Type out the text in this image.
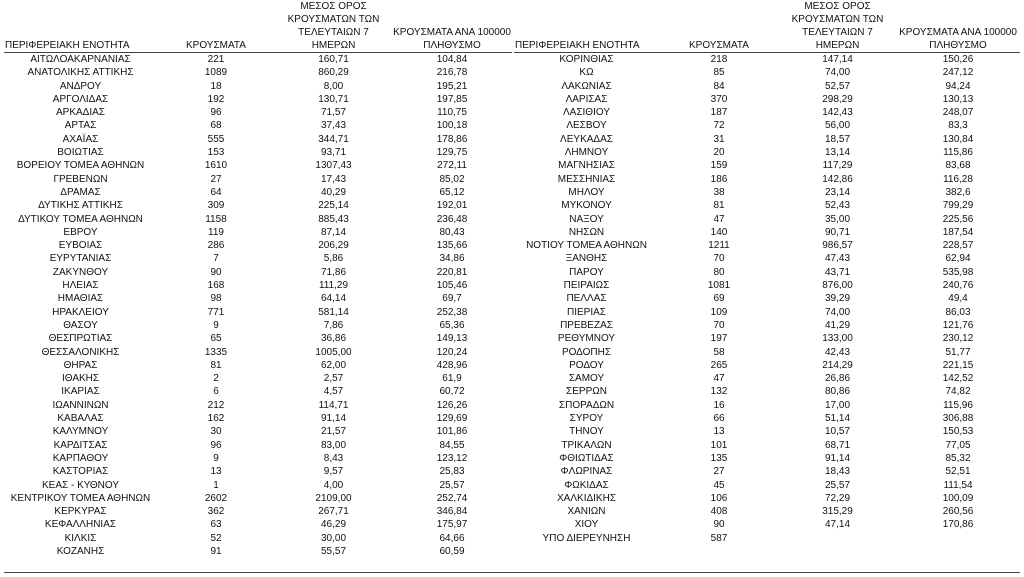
ΠΕΡΙΦΕΡΕΙΑΚΗ ΕΝΟΤΗΤΑ	ΚΡΟΥΣΜΑΤΑ	ΜΕΣΟΣ ΟΡΟΣ ΚΡΟΥΣΜΑΤΩΝ ΤΩΝ ΤΕΛΕΥΤΑΙΩΝ 7 ΗΜΕΡΩΝ	ΚΡΟΥΣΜΑΤΑ ΑΝΑ 100000 ΠΛΗΘΥΣΜΟ
ΑΙΤΩΛΟΑΚΑΡΝΑΝΙΑΣ	221	160,71	104,84
ΑΝΑΤΟΛΙΚΗΣ ΑΤΤΙΚΗΣ	1089	860,29	216,78
ΑΝΔΡΟΥ	18	8,00	195,21
ΑΡΓΟΛΙΔΑΣ	192	130,71	197,85
ΑΡΚΑΔΙΑΣ	96	71,57	110,75
ΑΡΤΑΣ	68	37,43	100,18
ΑΧΑΪΑΣ	555	344,71	178,86
ΒΟΙΩΤΙΑΣ	153	93,71	129,75
ΒΟΡΕΙΟΥ ΤΟΜΕΑ ΑΘΗΝΩΝ	1610	1307,43	272,11
ΓΡΕΒΕΝΩΝ	27	17,43	85,02
ΔΡΑΜΑΣ	64	40,29	65,12
ΔΥΤΙΚΗΣ ΑΤΤΙΚΗΣ	309	225,14	192,01
ΔΥΤΙΚΟΥ ΤΟΜΕΑ ΑΘΗΝΩΝ	1158	885,43	236,48
ΕΒΡΟΥ	119	87,14	80,43
ΕΥΒΟΙΑΣ	286	206,29	135,66
ΕΥΡΥΤΑΝΙΑΣ	7	5,86	34,86
ΖΑΚΥΝΘΟΥ	90	71,86	220,81
ΗΛΕΙΑΣ	168	111,29	105,46
ΗΜΑΘΙΑΣ	98	64,14	69,7
ΗΡΑΚΛΕΙΟΥ	771	581,14	252,38
ΘΑΣΟΥ	9	7,86	65,36
ΘΕΣΠΡΩΤΙΑΣ	65	36,86	149,13
ΘΕΣΣΑΛΟΝΙΚΗΣ	1335	1005,00	120,24
ΘΗΡΑΣ	81	62,00	428,96
ΙΘΑΚΗΣ	2	2,57	61,9
ΙΚΑΡΙΑΣ	6	4,57	60,72
ΙΩΑΝΝΙΝΩΝ	212	114,71	126,26
ΚΑΒΑΛΑΣ	162	91,14	129,69
ΚΑΛΥΜΝΟΥ	30	21,57	101,86
ΚΑΡΔΙΤΣΑΣ	96	83,00	84,55
ΚΑΡΠΑΘΟΥ	9	8,43	123,12
ΚΑΣΤΟΡΙΑΣ	13	9,57	25,83
ΚΕΑΣ - ΚΥΘΝΟΥ	1	4,00	25,57
ΚΕΝΤΡΙΚΟΥ ΤΟΜΕΑ ΑΘΗΝΩΝ	2602	2109,00	252,74
ΚΕΡΚΥΡΑΣ	362	267,71	346,84
ΚΕΦΑΛΛΗΝΙΑΣ	63	46,29	175,97
ΚΙΛΚΙΣ	52	30,00	64,66
ΚΟΖΑΝΗΣ	91	55,57	60,59
ΠΕΡΙΦΕΡΕΙΑΚΗ ΕΝΟΤΗΤΑ	ΚΡΟΥΣΜΑΤΑ	ΜΕΣΟΣ ΟΡΟΣ ΚΡΟΥΣΜΑΤΩΝ ΤΩΝ ΤΕΛΕΥΤΑΙΩΝ 7 ΗΜΕΡΩΝ	ΚΡΟΥΣΜΑΤΑ ΑΝΑ 100000 ΠΛΗΘΥΣΜΟ
ΚΟΡΙΝΘΙΑΣ	218	147,14	150,26
ΚΩ	85	74,00	247,12
ΛΑΚΩΝΙΑΣ	84	52,57	94,24
ΛΑΡΙΣΑΣ	370	298,29	130,13
ΛΑΣΙΘΙΟΥ	187	142,43	248,07
ΛΕΣΒΟΥ	72	56,00	83,3
ΛΕΥΚΑΔΑΣ	31	18,57	130,84
ΛΗΜΝΟΥ	20	13,14	115,86
ΜΑΓΝΗΣΙΑΣ	159	117,29	83,68
ΜΕΣΣΗΝΙΑΣ	186	142,86	116,28
ΜΗΛΟΥ	38	23,14	382,6
ΜΥΚΟΝΟΥ	81	52,43	799,29
ΝΑΞΟΥ	47	35,00	225,56
ΝΗΣΩΝ	140	90,71	187,54
ΝΟΤΙΟΥ ΤΟΜΕΑ ΑΘΗΝΩΝ	1211	986,57	228,57
ΞΑΝΘΗΣ	70	47,43	62,94
ΠΑΡΟΥ	80	43,71	535,98
ΠΕΙΡΑΙΩΣ	1081	876,00	240,76
ΠΕΛΛΑΣ	69	39,29	49,4
ΠΙΕΡΙΑΣ	109	74,00	86,03
ΠΡΕΒΕΖΑΣ	70	41,29	121,76
ΡΕΘΥΜΝΟΥ	197	133,00	230,12
ΡΟΔΟΠΗΣ	58	42,43	51,77
ΡΟΔΟΥ	265	214,29	221,15
ΣΑΜΟΥ	47	26,86	142,52
ΣΕΡΡΩΝ	132	80,86	74,82
ΣΠΟΡΑΔΩΝ	16	17,00	115,96
ΣΥΡΟΥ	66	51,14	306,88
ΤΗΝΟΥ	13	10,57	150,53
ΤΡΙΚΑΛΩΝ	101	68,71	77,05
ΦΘΙΩΤΙΔΑΣ	135	91,14	85,32
ΦΛΩΡΙΝΑΣ	27	18,43	52,51
ΦΩΚΙΔΑΣ	45	25,57	111,54
ΧΑΛΚΙΔΙΚΗΣ	106	72,29	100,09
ΧΑΝΙΩΝ	408	315,29	260,56
ΧΙΟΥ	90	47,14	170,86
ΥΠΟ ΔΙΕΡΕΥΝΗΣΗ	587		
